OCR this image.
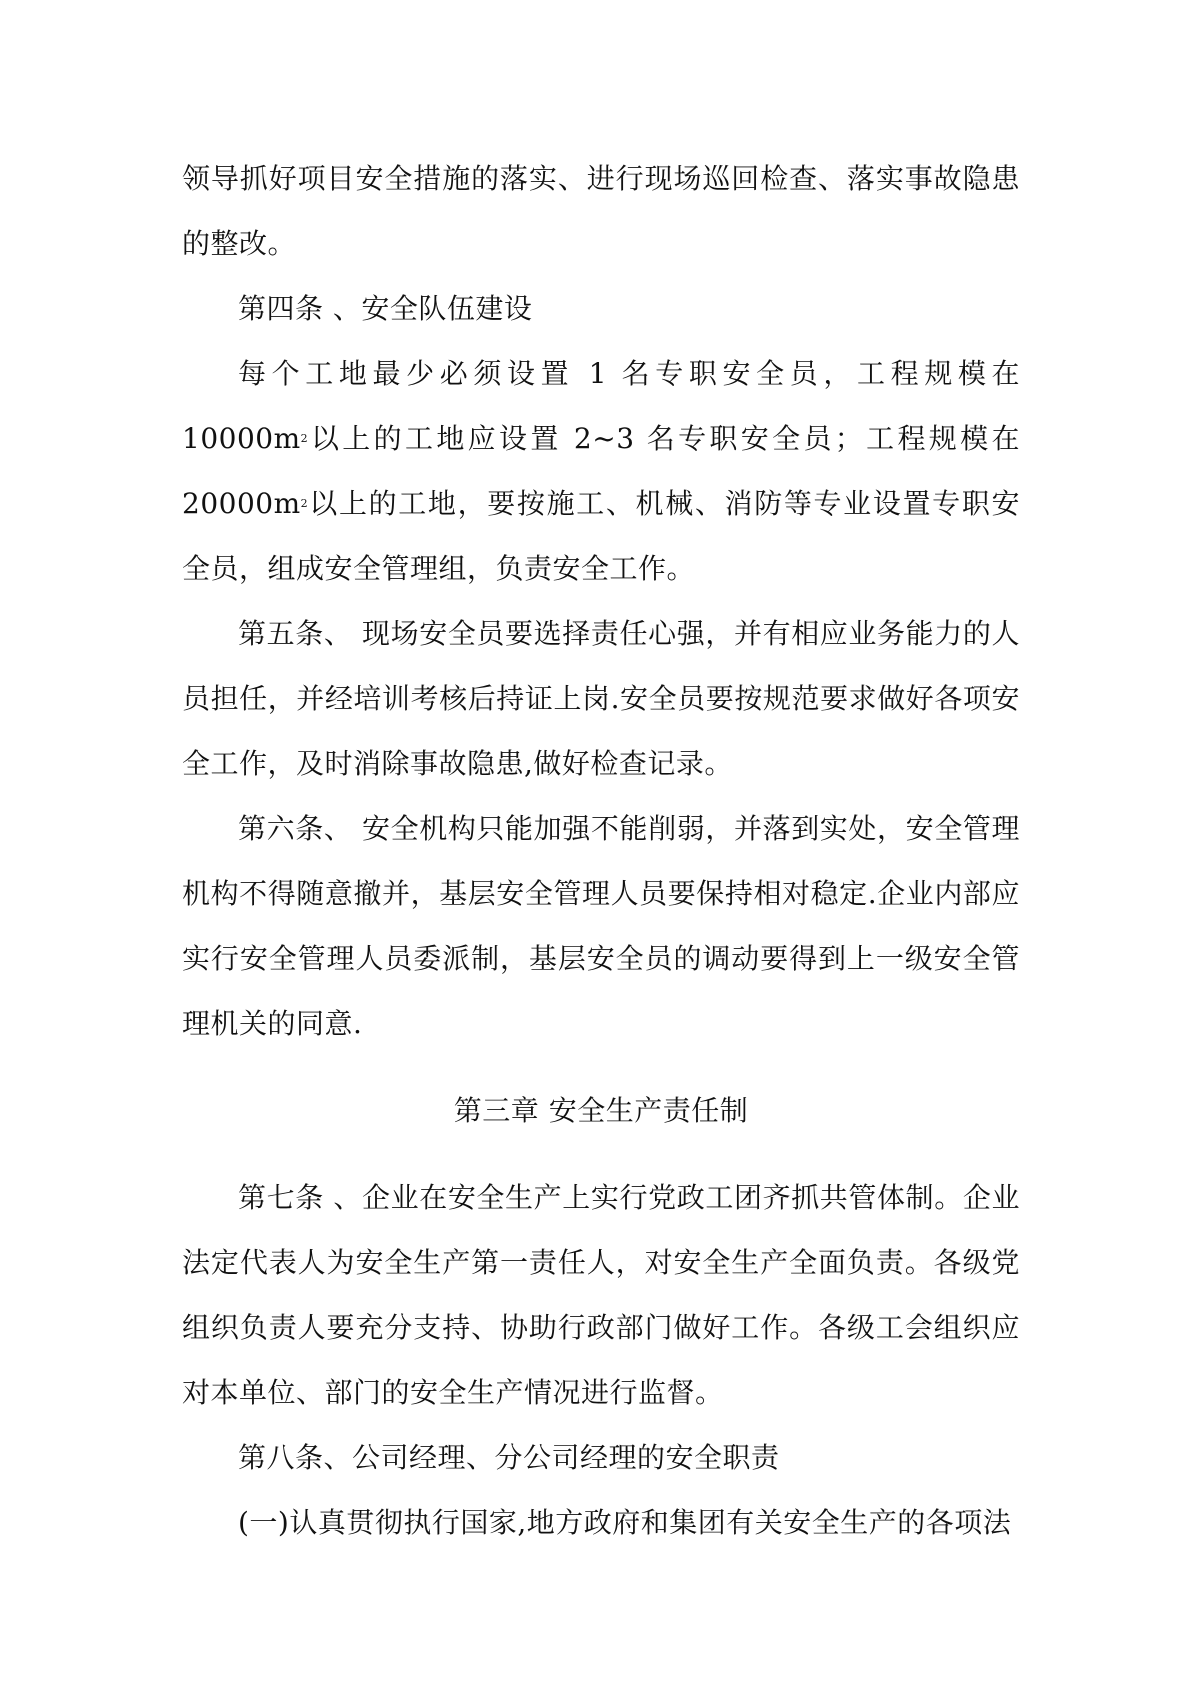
领导抓好项目安全措施的落实、进行现场巡回检查、落实事故隐患的整改。

第四条 、安全队伍建设

每个工地最少必须设置 1 名专职安全员，工程规模在 $10000m^2$以上的工地应设置 2~3 名专职安全员；工程规模在 $20000m^2$以上的工地，要按施工、机械、消防等专业设置专职安全员，组成安全管理组，负责安全工作。

第五条、 现场安全员要选择责任心强，并有相应业务能力的人员担任，并经培训考核后持证上岗.安全员要按规范要求做好各项安全工作，及时消除事故隐患,做好检查记录。

第六条、 安全机构只能加强不能削弱，并落到实处，安全管理机构不得随意撤并，基层安全管理人员要保持相对稳定.企业内部应实行安全管理人员委派制，基层安全员的调动要得到上一级安全管理机关的同意.

第三章 安全生产责任制

第七条 、企业在安全生产上实行党政工团齐抓共管体制。企业法定代表人为安全生产第一责任人，对安全生产全面负责。各级党组织负责人要充分支持、协助行政部门做好工作。各级工会组织应对本单位、部门的安全生产情况进行监督。

第八条、公司经理、分公司经理的安全职责

(一)认真贯彻执行国家,地方政府和集团有关安全生产的各项法
